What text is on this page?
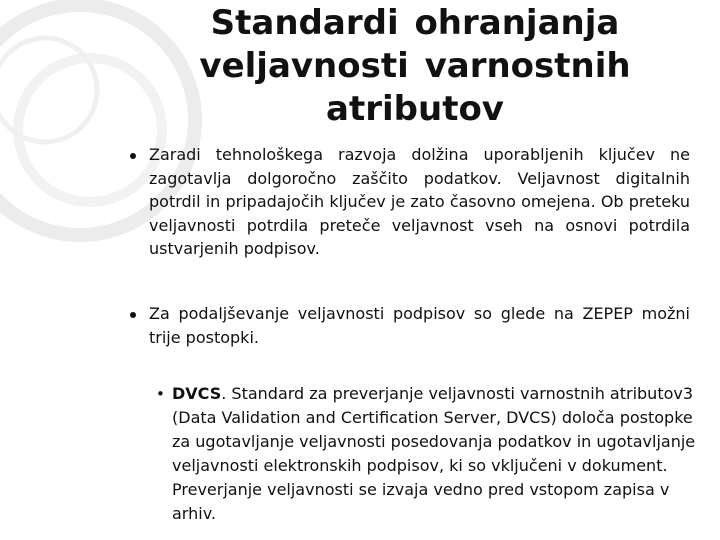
Standardi ohranjanja veljavnosti varnostnih atributov
Zaradi tehnološkega razvoja dolžina uporabljenih ključev ne zagotavlja dolgoročno zaščito podatkov. Veljavnost digitalnih potrdil in pripadajočih ključev je zato časovno omejena. Ob preteku veljavnosti potrdila preteče veljavnost vseh na osnovi potrdila ustvarjenih podpisov.
Za podaljševanje veljavnosti podpisov so glede na ZEPEP možni trije postopki.
• DVCS. Standard za preverjanje veljavnosti varnostnih atributov3 (Data Validation and Certification Server, DVCS) določa postopke za ugotavljanje veljavnosti posedovanja podatkov in ugotavljanje veljavnosti elektronskih podpisov, ki so vključeni v dokument. Preverjanje veljavnosti se izvaja vedno pred vstopom zapisa v arhiv.
